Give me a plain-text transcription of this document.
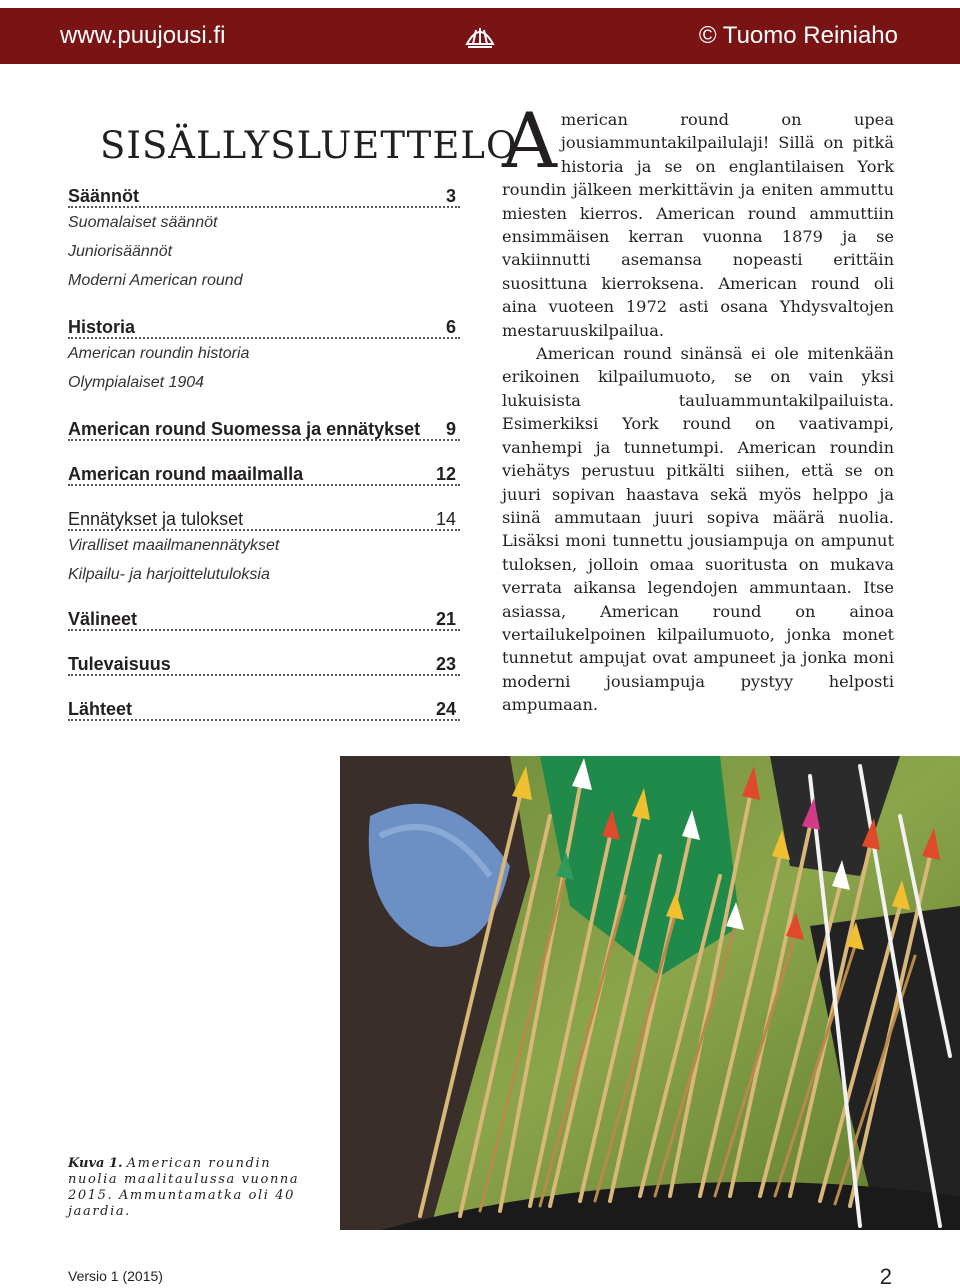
www.puujousi.fi	© Tuomo Reiniaho
SISÄLLYSLUETTELO
Säännöt	3
Suomalaiset säännöt
Juniorisäännöt
Moderni American round
Historia	6
American roundin historia
Olympialaiset 1904
American round Suomessa ja ennätykset 9
American round maailmalla	12
Ennätykset ja tulokset	14
Viralliset maailmanennätykset
Kilpailu- ja harjoittelutuloksia
Välineet	21
Tulevaisuus	23
Lähteet	24

American round on upea jousiammuntakilpailulaji! Sillä on pitkä historia ja se on englantilaisen York roundin jälkeen merkittävin ja eniten ammuttu miesten kierros. American round ammuttiin ensimmäisen kerran vuonna 1879 ja se vakiinnutti asemansa nopeasti erittäin suosittuna kierroksena. American round oli aina vuoteen 1972 asti osana Yhdysvaltojen mestaruuskilpailua.

American round sinänsä ei ole mitenkään erikoinen kilpailumuoto, se on vain yksi lukuisista tauluammuntakilpailuista. Esimerkiksi York round on vaativampi, vanhempi ja tunnetumpi. American roundin viehätys perustuu pitkälti siihen, että se on juuri sopivan haastava sekä myös helppo ja siinä ammutaan juuri sopiva määrä nuolia. Lisäksi moni tunnettu jousiampuja on ampunut tuloksen, jolloin omaa suoritusta on mukava verrata aikansa legendojen ammuntaan. Itse asiassa, American round on ainoa vertailukelpoinen kilpailumuoto, jonka monet tunnetut ampujat ovat ampuneet ja jonka moni moderni jousiampuja pystyy helposti ampumaan.

Kuva 1. American roundin nuolia maalitaulussa vuonna 2015. Ammuntamatka oli 40 jaardia.
Versio 1 (2015)	2
